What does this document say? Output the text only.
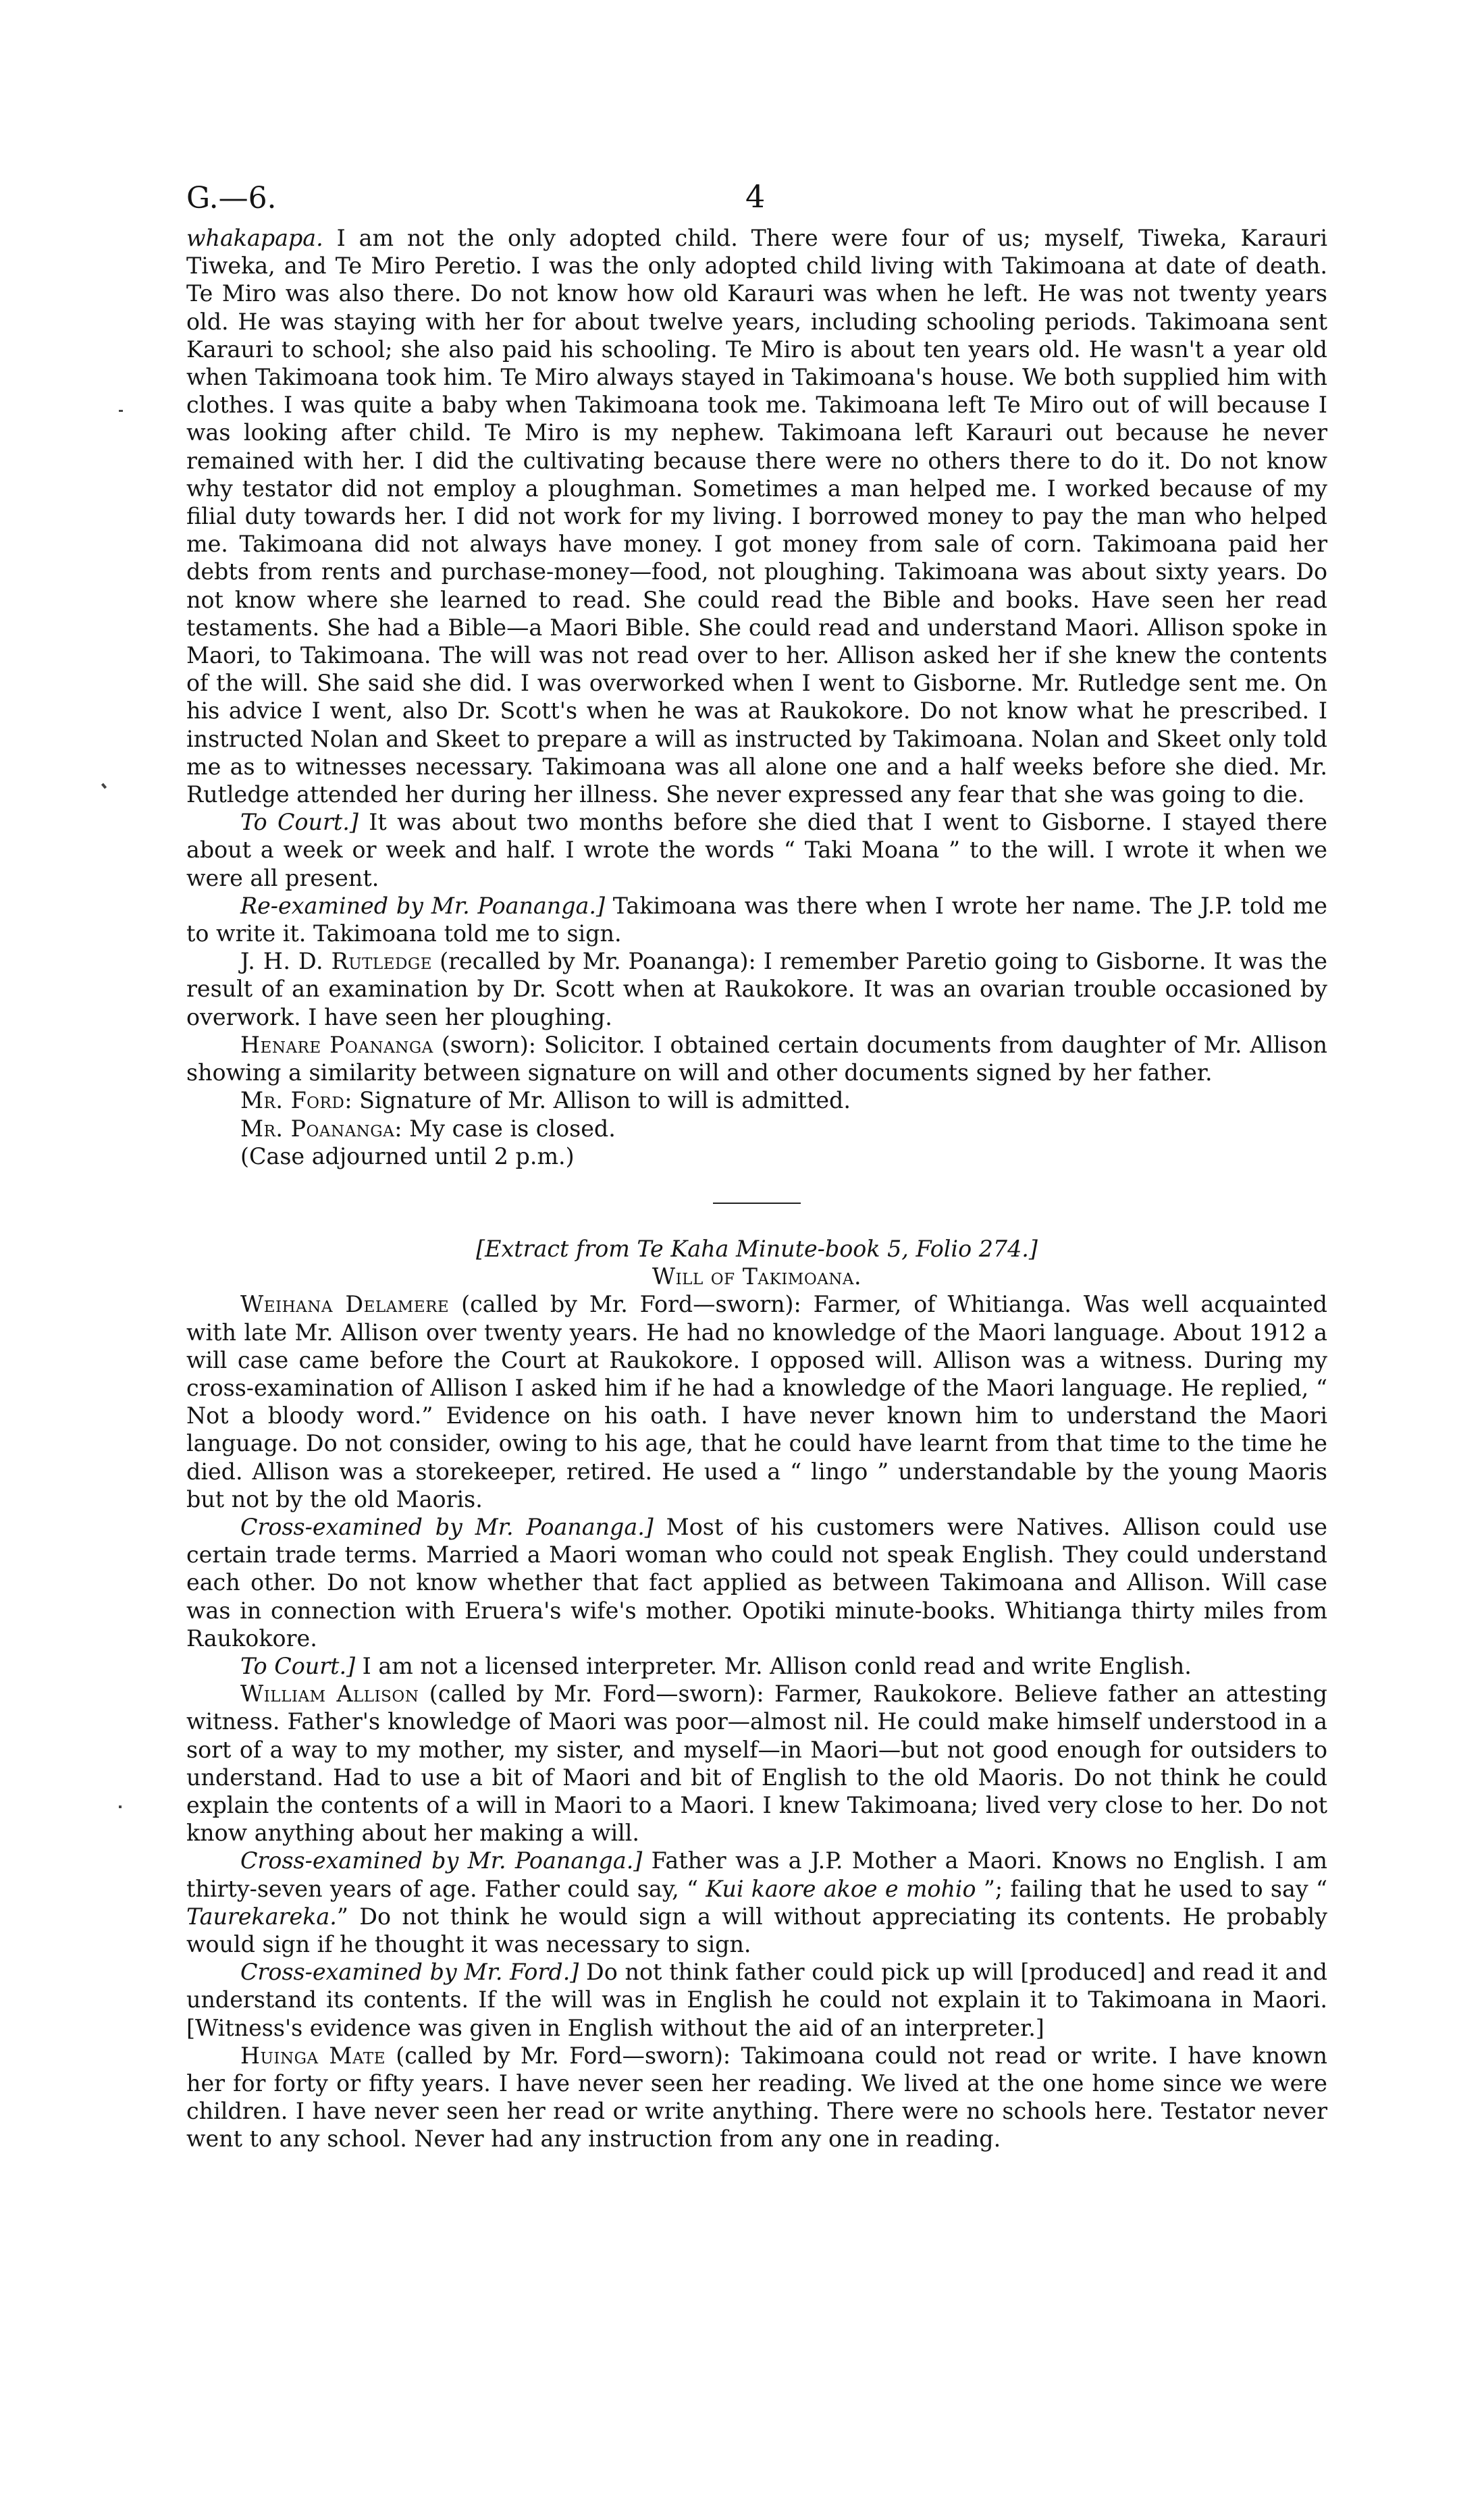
G.—6.	4

whakapapa. I am not the only adopted child. There were four of us; myself, Tiweka, Karauri Tiweka, and Te Miro Peretio. I was the only adopted child living with Takimoana at date of death. Te Miro was also there. Do not know how old Karauri was when he left. He was not twenty years old. He was staying with her for about twelve years, including schooling periods. Takimoana sent Karauri to school; she also paid his schooling. Te Miro is about ten years old. He wasn't a year old when Takimoana took him. Te Miro always stayed in Takimoana's house. We both supplied him with clothes. I was quite a baby when Takimoana took me. Takimoana left Te Miro out of will because I was looking after child. Te Miro is my nephew. Takimoana left Karauri out because he never remained with her. I did the cultivating because there were no others there to do it. Do not know why testator did not employ a ploughman. Sometimes a man helped me. I worked because of my filial duty towards her. I did not work for my living. I borrowed money to pay the man who helped me. Takimoana did not always have money. I got money from sale of corn. Takimoana paid her debts from rents and purchase-money—food, not ploughing. Takimoana was about sixty years. Do not know where she learned to read. She could read the Bible and books. Have seen her read testaments. She had a Bible—a Maori Bible. She could read and understand Maori. Allison spoke in Maori, to Takimoana. The will was not read over to her. Allison asked her if she knew the contents of the will. She said she did. I was overworked when I went to Gisborne. Mr. Rutledge sent me. On his advice I went, also Dr. Scott's when he was at Raukokore. Do not know what he prescribed. I instructed Nolan and Skeet to prepare a will as instructed by Takimoana. Nolan and Skeet only told me as to witnesses necessary. Takimoana was all alone one and a half weeks before she died. Mr. Rutledge attended her during her illness. She never expressed any fear that she was going to die.

To Court.] It was about two months before she died that I went to Gisborne. I stayed there about a week or week and half. I wrote the words “ Taki Moana ” to the will. I wrote it when we were all present.

Re-examined by Mr. Poananga.] Takimoana was there when I wrote her name. The J.P. told me to write it. Takimoana told me to sign.

J. H. D. Rutledge (recalled by Mr. Poananga): I remember Paretio going to Gisborne. It was the result of an examination by Dr. Scott when at Raukokore. It was an ovarian trouble occasioned by overwork. I have seen her ploughing.

Henare Poananga (sworn): Solicitor. I obtained certain documents from daughter of Mr. Allison showing a similarity between signature on will and other documents signed by her father.

Mr. Ford: Signature of Mr. Allison to will is admitted.

Mr. Poananga: My case is closed.

(Case adjourned until 2 p.m.)

[Extract from Te Kaha Minute-book 5, Folio 274.]

Will of Takimoana.

Weihana Delamere (called by Mr. Ford—sworn): Farmer, of Whitianga. Was well acquainted with late Mr. Allison over twenty years. He had no knowledge of the Maori language. About 1912 a will case came before the Court at Raukokore. I opposed will. Allison was a witness. During my cross-examination of Allison I asked him if he had a knowledge of the Maori language. He replied, “ Not a bloody word.” Evidence on his oath. I have never known him to understand the Maori language. Do not consider, owing to his age, that he could have learnt from that time to the time he died. Allison was a storekeeper, retired. He used a “ lingo ” understandable by the young Maoris but not by the old Maoris.

Cross-examined by Mr. Poananga.] Most of his customers were Natives. Allison could use certain trade terms. Married a Maori woman who could not speak English. They could understand each other. Do not know whether that fact applied as between Takimoana and Allison. Will case was in connection with Eruera's wife's mother. Opotiki minute-books. Whitianga thirty miles from Raukokore.

To Court.] I am not a licensed interpreter. Mr. Allison conld read and write English.

William Allison (called by Mr. Ford—sworn): Farmer, Raukokore. Believe father an attesting witness. Father's knowledge of Maori was poor—almost nil. He could make himself understood in a sort of a way to my mother, my sister, and myself—in Maori—but not good enough for outsiders to understand. Had to use a bit of Maori and bit of English to the old Maoris. Do not think he could explain the contents of a will in Maori to a Maori. I knew Takimoana; lived very close to her. Do not know anything about her making a will.

Cross-examined by Mr. Poananga.] Father was a J.P. Mother a Maori. Knows no English. I am thirty-seven years of age. Father could say, “ Kui kaore akoe e mohio ”; failing that he used to say “ Taurekareka.” Do not think he would sign a will without appreciating its contents. He probably would sign if he thought it was necessary to sign.

Cross-examined by Mr. Ford.] Do not think father could pick up will [produced] and read it and understand its contents. If the will was in English he could not explain it to Takimoana in Maori. [Witness's evidence was given in English without the aid of an interpreter.]

Huinga Mate (called by Mr. Ford—sworn): Takimoana could not read or write. I have known her for forty or fifty years. I have never seen her reading. We lived at the one home since we were children. I have never seen her read or write anything. There were no schools here. Testator never went to any school. Never had any instruction from any one in reading.
